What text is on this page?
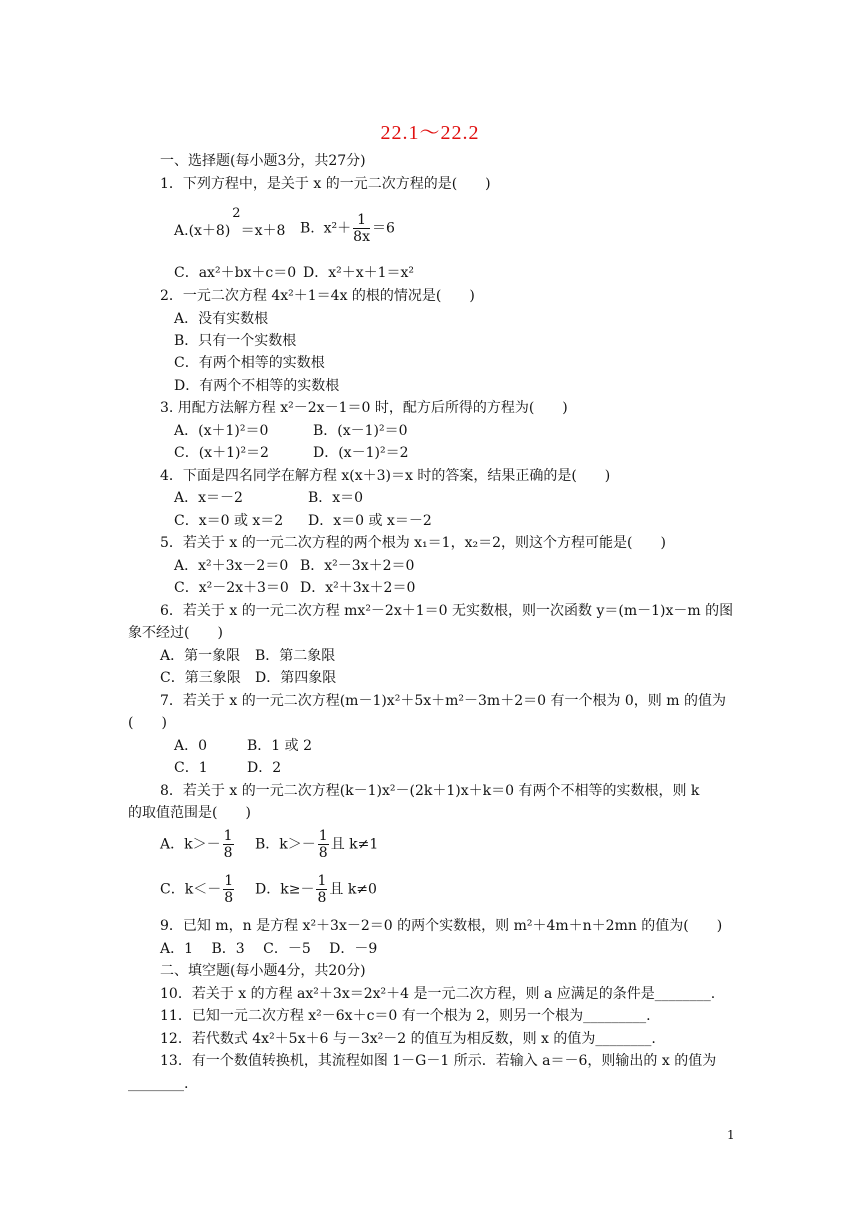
22.1～22.2
一、选择题(每小题3分，共27分)
1．下列方程中，是关于 x 的一元二次方程的是(　　)
A.(x＋8)2＝x＋8 B. $x^2+ \frac{1}{8x} =6$
C．ax²＋bx＋c＝0 D．x²＋x＋1＝x²
2．一元二次方程 4x²＋1＝4x 的根的情况是(　　)
A．没有实数根
B．只有一个实数根
C．有两个相等的实数根
D．有两个不相等的实数根
3. 用配方法解方程 x²－2x－1＝0 时，配方后所得的方程为(　　)
A．(x＋1)²＝0	B．(x－1)²＝0
C．(x＋1)²＝2	D．(x－1)²＝2
4．下面是四名同学在解方程 x(x＋3)＝x 时的答案，结果正确的是(　　)
A．x＝－2	B．x＝0
C．x＝0 或 x＝2 D．x＝0 或 x＝－2
5．若关于 x 的一元二次方程的两个根为 x₁＝1，x₂＝2，则这个方程可能是(　　)
A．x²＋3x－2＝0 B．x²－3x＋2＝0
C．x²－2x＋3＝0 D．x²＋3x＋2＝0
6．若关于 x 的一元二次方程 mx²－2x＋1＝0 无实数根，则一次函数 y＝(m－1)x－m 的图
象不经过(　　)
A．第一象限 B．第二象限
C．第三象限 D．第四象限
7．若关于 x 的一元二次方程(m－1)x²＋5x＋m²－3m＋2＝0 有一个根为 0，则 m 的值为
(　　)
A．0	B．1 或 2
C．1	D．2
8．若关于 x 的一元二次方程(k－1)x²－(2k＋1)x＋k＝0 有两个不相等的实数根，则 k
的取值范围是(　　)
A．$k>- \frac{1}{8}$ B．$k>- \frac{1}{8}$ 且 k≠1
C．$k<- \frac{1}{8}$ D．$k\ge- \frac{1}{8}$ 且 k≠0
9．已知 m，n 是方程 x²＋3x－2＝0 的两个实数根，则 m²＋4m＋n＋2mn 的值为(　　)
A．1　 B．3　 C．－5　 D．－9
二、填空题(每小题4分，共20分)
10．若关于 x 的方程 ax²＋3x＝2x²＋4 是一元二次方程，则 a 应满足的条件是________.
11．已知一元二次方程 x²－6x＋c＝0 有一个根为 2，则另一个根为_________.
12．若代数式 4x²＋5x＋6 与－3x²－2 的值互为相反数，则 x 的值为________.
13．有一个数值转换机，其流程如图 1－G－1 所示．若输入 a＝－6，则输出的 x 的值为
________.
1
